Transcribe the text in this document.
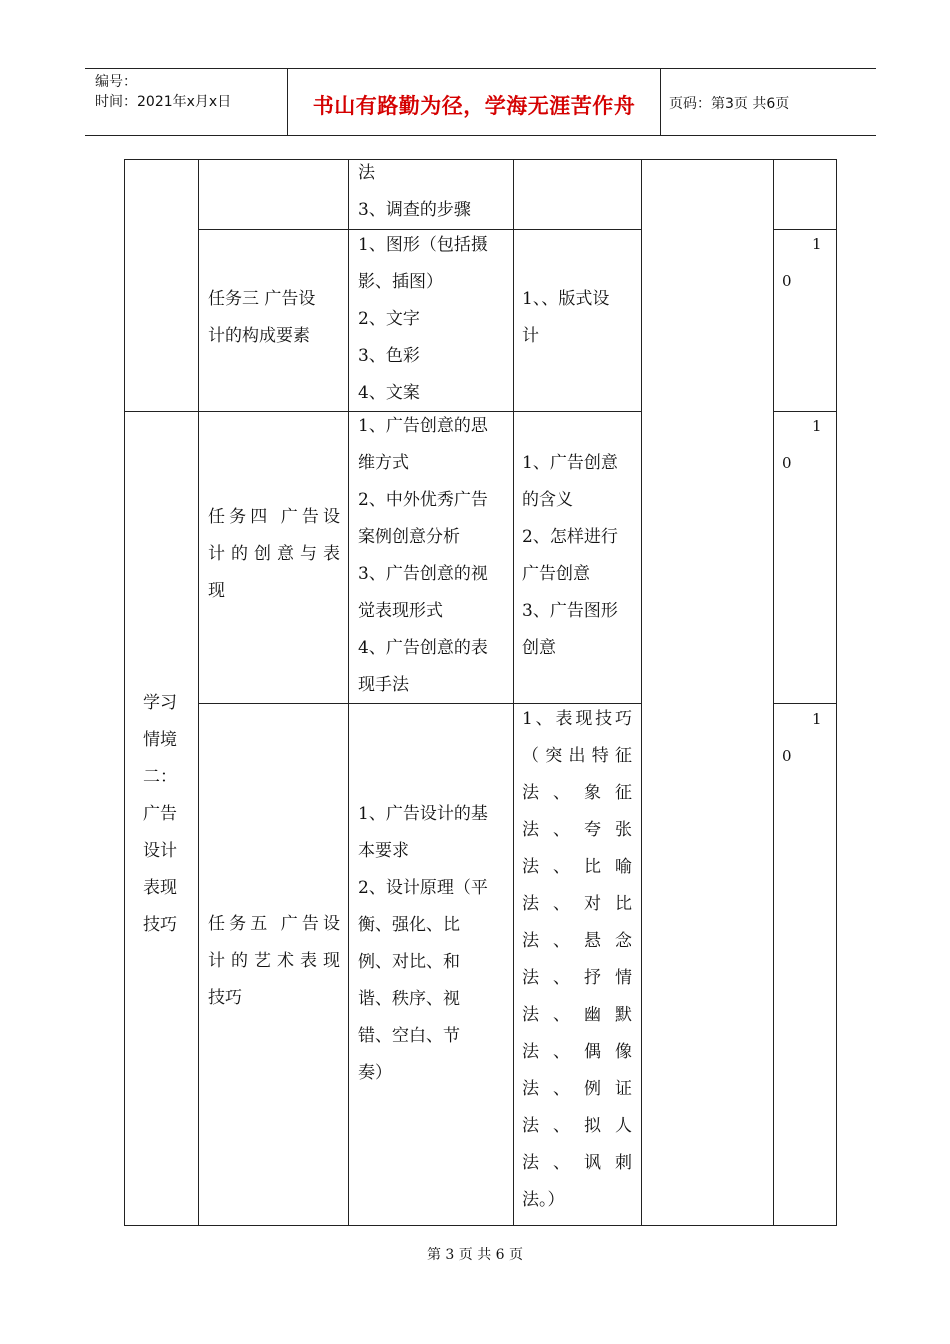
编号：
时间：2021年x月x日	书山有路勤为径，学海无涯苦作舟	页码：第3页 共6页
法
3、调查的步骤
任务三 广告设
计的构成要素
1、图形（包括摄
影、插图）
2、文字
3、色彩
4、文案
1、、版式设
计
1
0
学习
情境
二：
广告
设计
表现
技巧
任务四 广告设
计的创意与表
现
1、广告创意的思
维方式
2、中外优秀广告
案例创意分析
3、广告创意的视
觉表现形式
4、广告创意的表
现手法
1、广告创意
的含义
2、怎样进行
广告创意
3、广告图形
创意
1
0
任务五 广告设
计的艺术表现
技巧
1、广告设计的基
本要求
2、设计原理（平
衡、强化、比
例、对比、和
谐、秩序、视
错、空白、节
奏）
1、表现技巧
（突出特征
法 、 象 征
法 、 夸 张
法 、 比 喻
法 、 对 比
法 、 悬 念
法 、 抒 情
法 、 幽 默
法 、 偶 像
法 、 例 证
法 、 拟 人
法 、 讽 刺
法。）
1
0
第 3 页 共 6 页
